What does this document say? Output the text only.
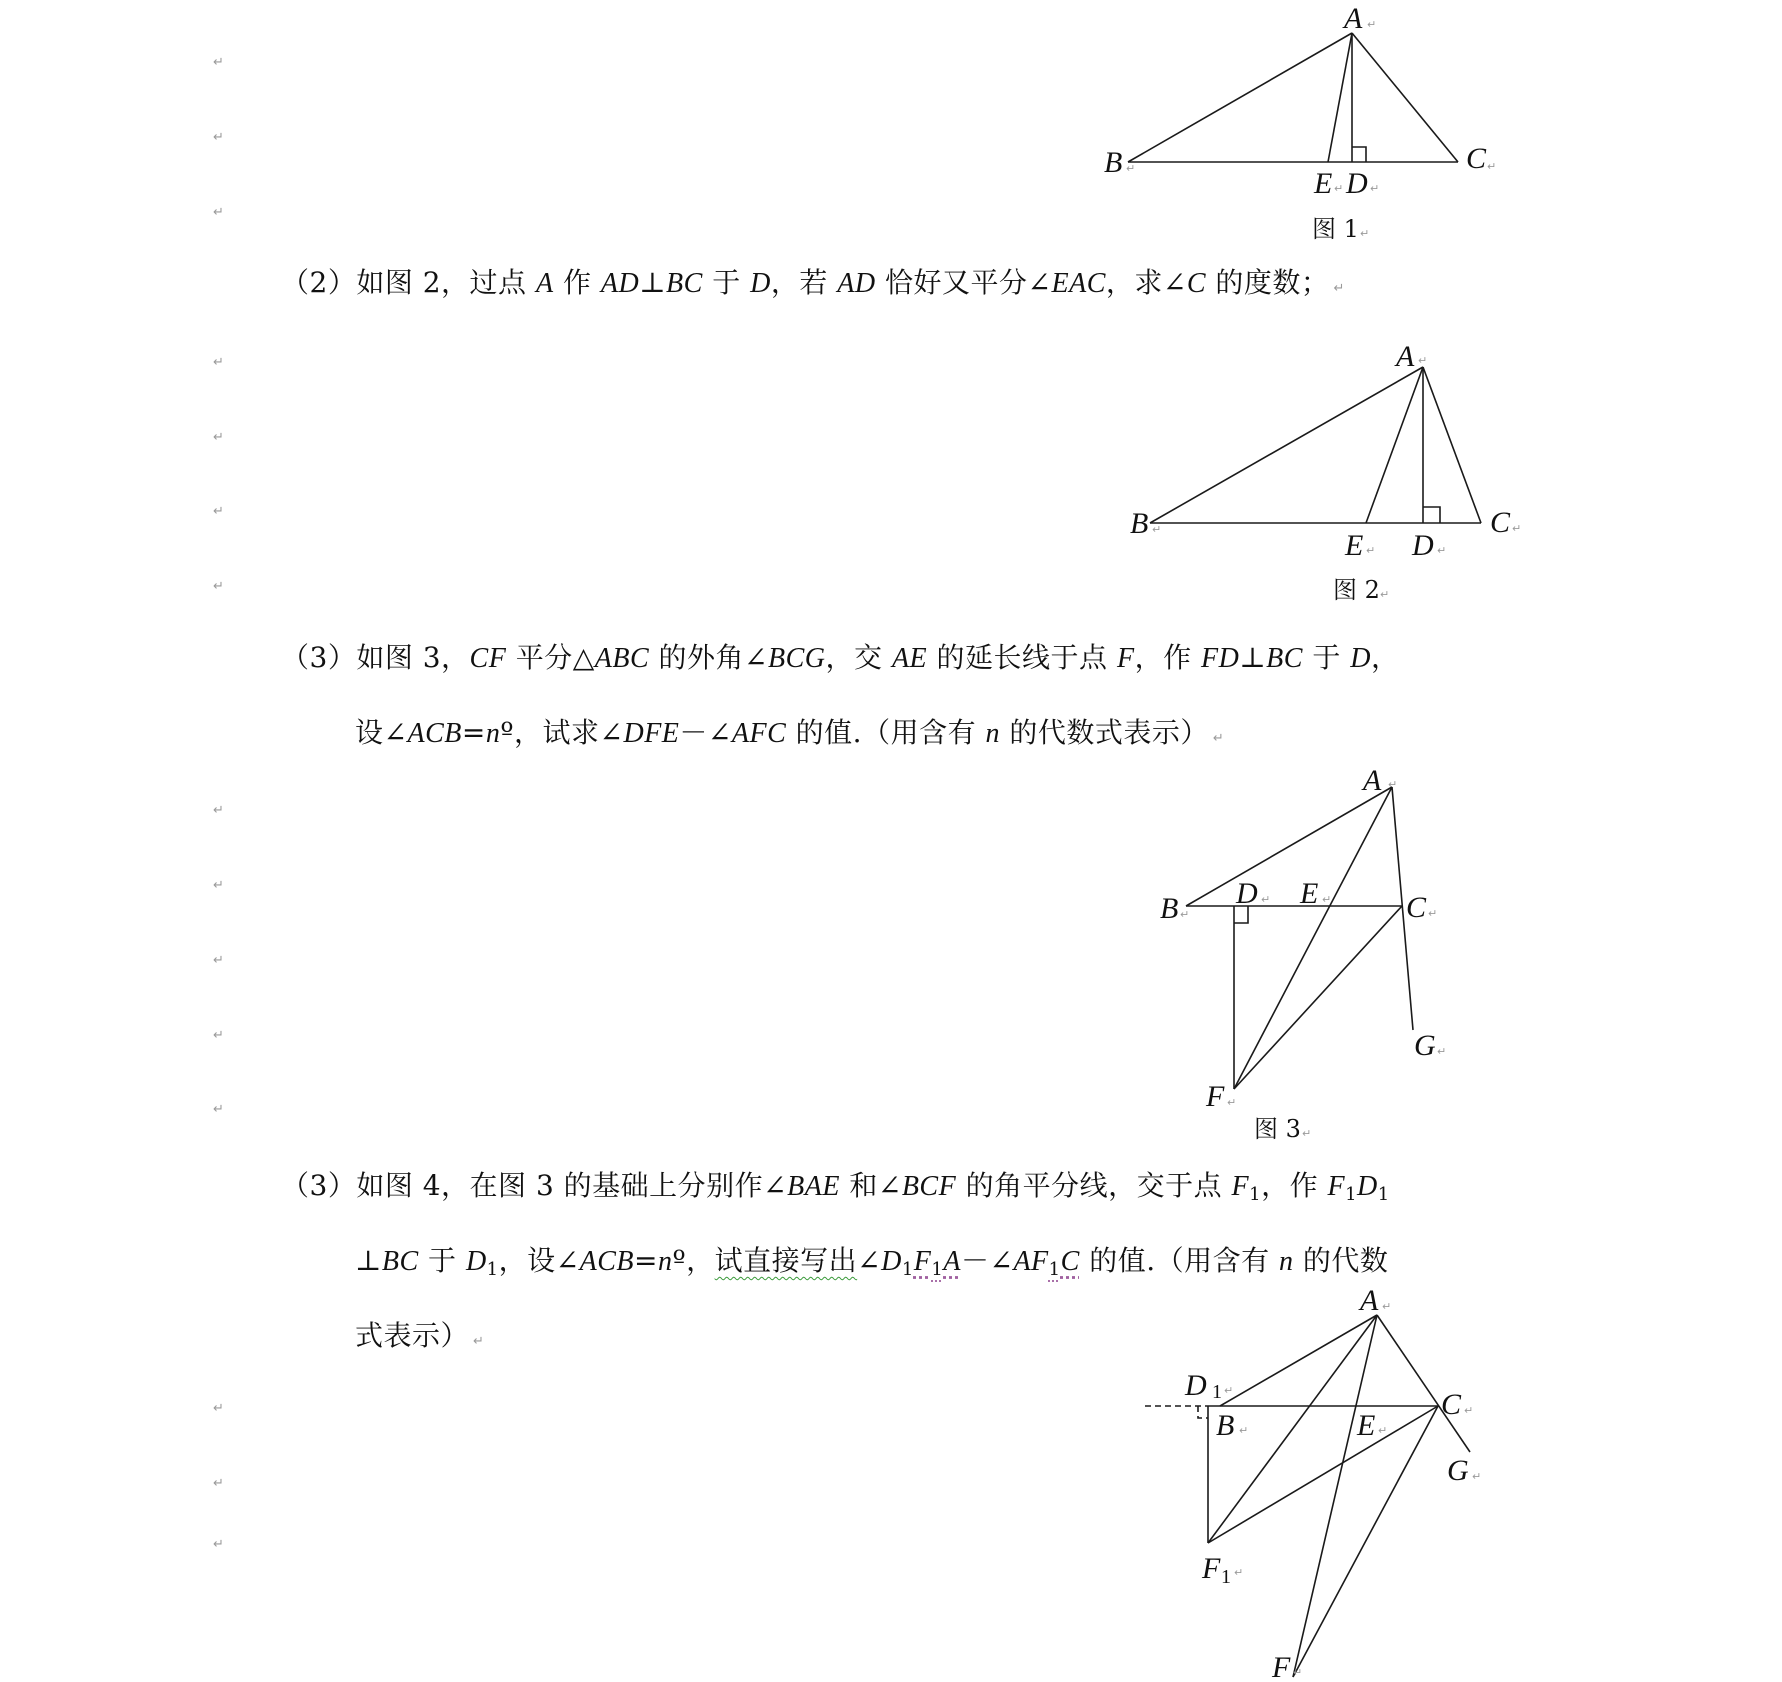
↵
↵
↵
↵
↵
↵
↵
↵
↵
↵
↵
↵
↵
↵
↵
（2）如图 2，过点 A 作 AD⊥BC 于 D，若 AD 恰好又平分∠EAC，求∠C 的度数； ↵
（3）如图 3，CF 平分△ABC 的外角∠BCG，交 AE 的延长线于点 F，作 FD⊥BC 于 D，
设∠ACB=nº，试求∠DFE－∠AFC 的值.（用含有 n 的代数式表示） ↵
（3）如图 4，在图 3 的基础上分别作∠BAE 和∠BCF 的角平分线，交于点 $F_1$，作 $F_1D_1$
⊥BC 于 $D_1$，设∠ACB=nº，试直接写出$\angle D_1F_1A-\angle AF_1C$ 的值.（用含有 n 的代数
式表示） ↵
A ↵
B ↵	C ↵
E ↵ D ↵
图 1 ↵
A ↵
B ↵	C ↵
E ↵ D ↵
图 2 ↵
A ↵
B ↵
D ↵ E ↵ C ↵
G ↵
F ↵
图 3 ↵
A ↵
D 1 ↵
B ↵	E ↵
C ↵
G ↵
F 1 ↵
F ↵
